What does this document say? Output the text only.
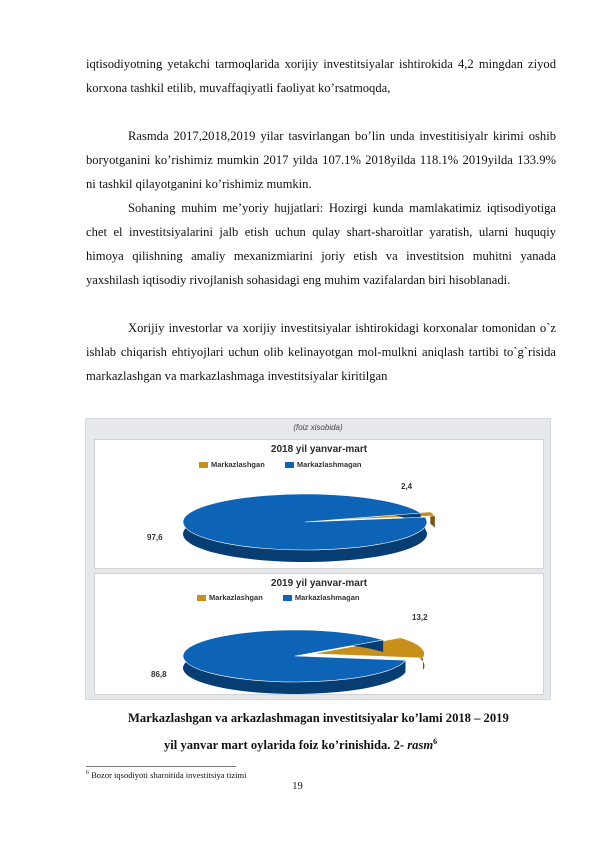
iqtisodiyotning yetakchi tarmoqlarida xorijiy investitsiyalar ishtirokida 4,2 mingdan ziyod korxona tashkil etilib, muvaffaqiyatli faoliyat ko’rsatmoqda,

Rasmda 2017,2018,2019 yilar tasvirlangan bo’lin unda investitisiyalr kirimi oshib boryotganini ko’rishimiz mumkin 2017 yilda 107.1% 2018yilda 118.1% 2019yilda 133.9% ni tashkil qilayotganini ko’rishimiz mumkin.

Sohaning muhim me’yoriy hujjatlari: Hozirgi kunda mamlakatimiz iqtisodiyotiga chet el investitsiyalarini jalb etish uchun qulay shart-sharoitlar yaratish, ularni huquqiy himoya qilishning amaliy mexanizmiarini joriy etish va investitsion muhitni yanada yaxshilash iqtisodiy rivojlanish sohasidagi eng muhim vazifalardan biri hisoblanadi.

Xorijiy investorlar va xorijiy investitsiyalar ishtirokidagi korxonalar tomonidan o`z ishlab chiqarish ehtiyojlari uchun olib kelinayotgan mol-mulkni aniqlash tartibi to`g`risida markazlashgan va markazlashmaga investitsiyalar kiritilgan

(foiz xisobida)
2018 yil yanvar-mart
Markazlashgan	Markazlashmagan
2,4
97,6
2019 yil yanvar-mart
Markazlashgan	Markazlashmagan
13,2
86,8

Markazlashgan va arkazlashmagan investitsiyalar ko’lami 2018 – 2019
yil yanvar mart oylarida foiz ko’rinishida. 2- rasm$^6$

$^6$ Bozor iqsodiyoti sharoitida investitsiya tizimi
19
